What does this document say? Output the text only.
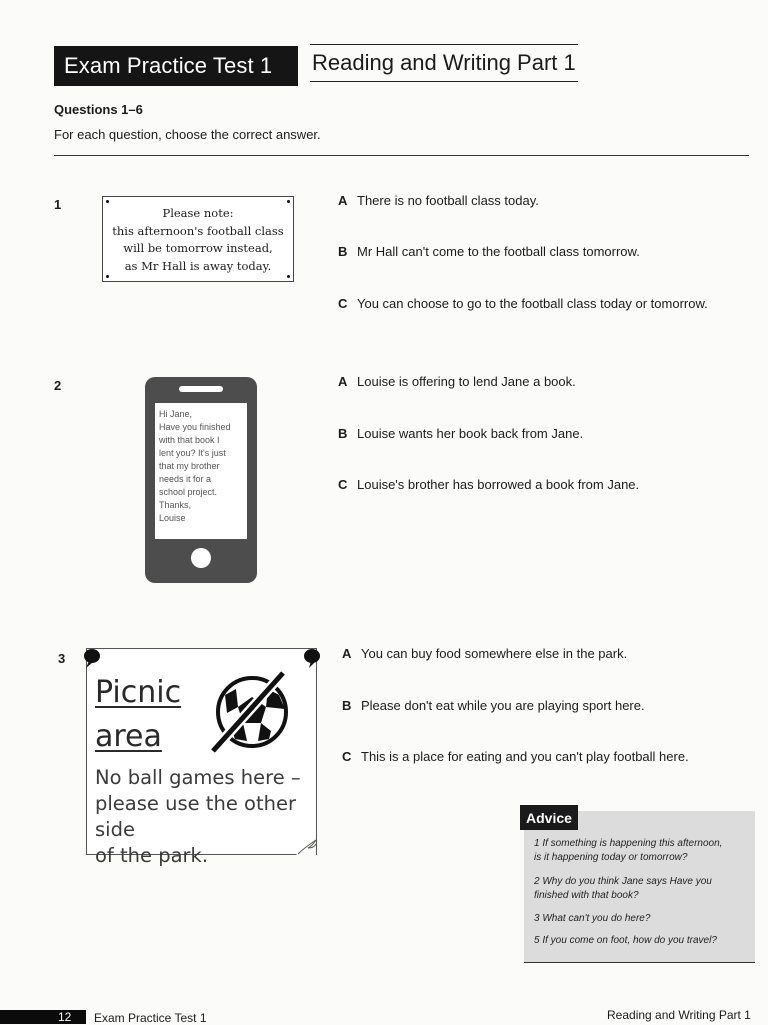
Exam Practice Test 1	Reading and Writing Part 1
Questions 1–6
For each question, choose the correct answer.
1
Please note:
this afternoon's football class
will be tomorrow instead,
as Mr Hall is away today.
A There is no football class today.
B Mr Hall can't come to the football class tomorrow.
C You can choose to go to the football class today or tomorrow.
2
Hi Jane,
Have you finished
with that book I
lent you? It's just
that my brother
needs it for a
school project.
Thanks,
Louise
A Louise is offering to lend Jane a book.
B Louise wants her book back from Jane.
C Louise's brother has borrowed a book from Jane.
3
Picnic
area
No ball games here –
please use the other side
of the park.
A You can buy food somewhere else in the park.
B Please don't eat while you are playing sport here.
C This is a place for eating and you can't play football here.
Advice
1 If something is happening this afternoon,
is it happening today or tomorrow?
2 Why do you think Jane says Have you
finished with that book?
3 What can't you do here?
5 If you come on foot, how do you travel?
12 Exam Practice Test 1	Reading and Writing Part 1
